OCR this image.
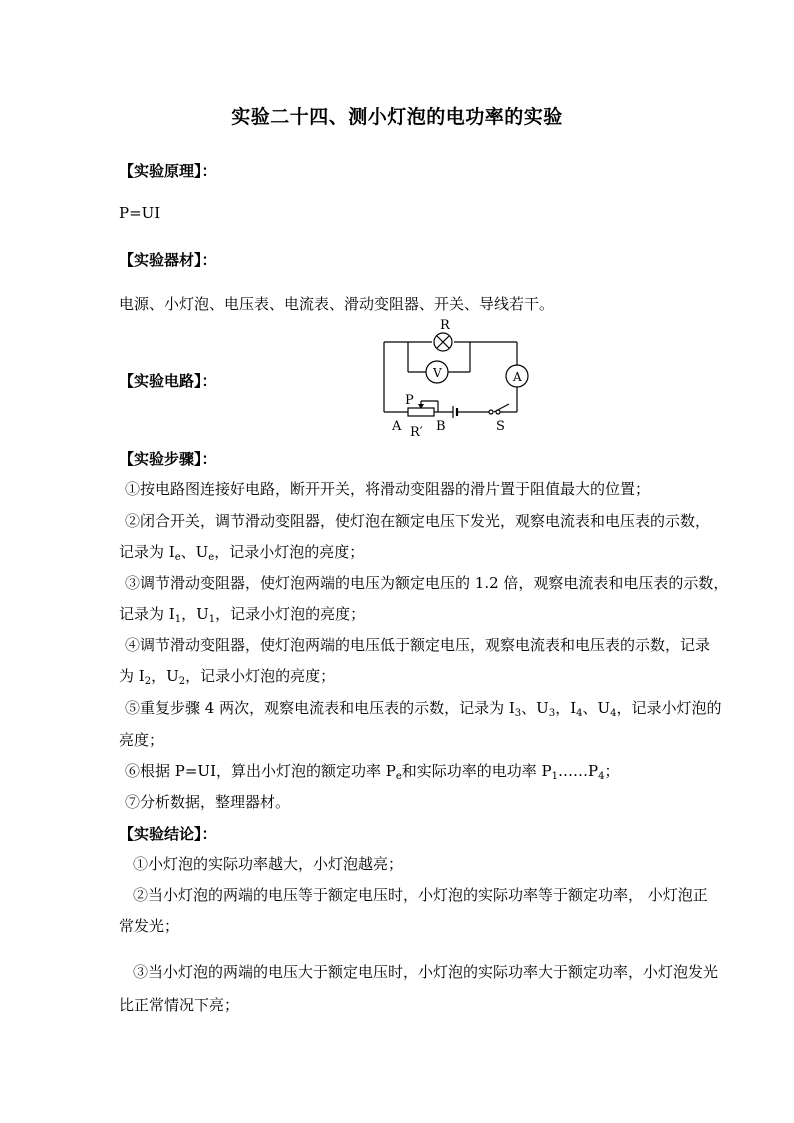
实验二十四、测小灯泡的电功率的实验
【实验原理】：
P=UI
【实验器材】：
电源、小灯泡、电压表、电流表、滑动变阻器、开关、导线若干。
【实验电路】：
R
V	A
P
A R′ B	S
【实验步骤】：
①按电路图连接好电路，断开开关，将滑动变阻器的滑片置于阻值最大的位置；
②闭合开关，调节滑动变阻器，使灯泡在额定电压下发光，观察电流表和电压表的示数，
记录为 $I_e$、$U_e$，记录小灯泡的亮度；
③调节滑动变阻器，使灯泡两端的电压为额定电压的 1.2 倍，观察电流表和电压表的示数，
记录为 $I_1$，$U_1$，记录小灯泡的亮度；
④调节滑动变阻器，使灯泡两端的电压低于额定电压，观察电流表和电压表的示数，记录
为 $I_2$，$U_2$，记录小灯泡的亮度；
⑤重复步骤 4 两次，观察电流表和电压表的示数，记录为 $I_3$、$U_3$，$I_4$、$U_4$，记录小灯泡的
亮度；
⑥根据 P=UI，算出小灯泡的额定功率 $P_e$和实际功率的电功率 $P_1\dots\dots P_4$；
⑦分析数据，整理器材。
【实验结论】：
①小灯泡的实际功率越大，小灯泡越亮；
②当小灯泡的两端的电压等于额定电压时，小灯泡的实际功率等于额定功率， 小灯泡正
常发光；
③当小灯泡的两端的电压大于额定电压时，小灯泡的实际功率大于额定功率，小灯泡发光
比正常情况下亮；
